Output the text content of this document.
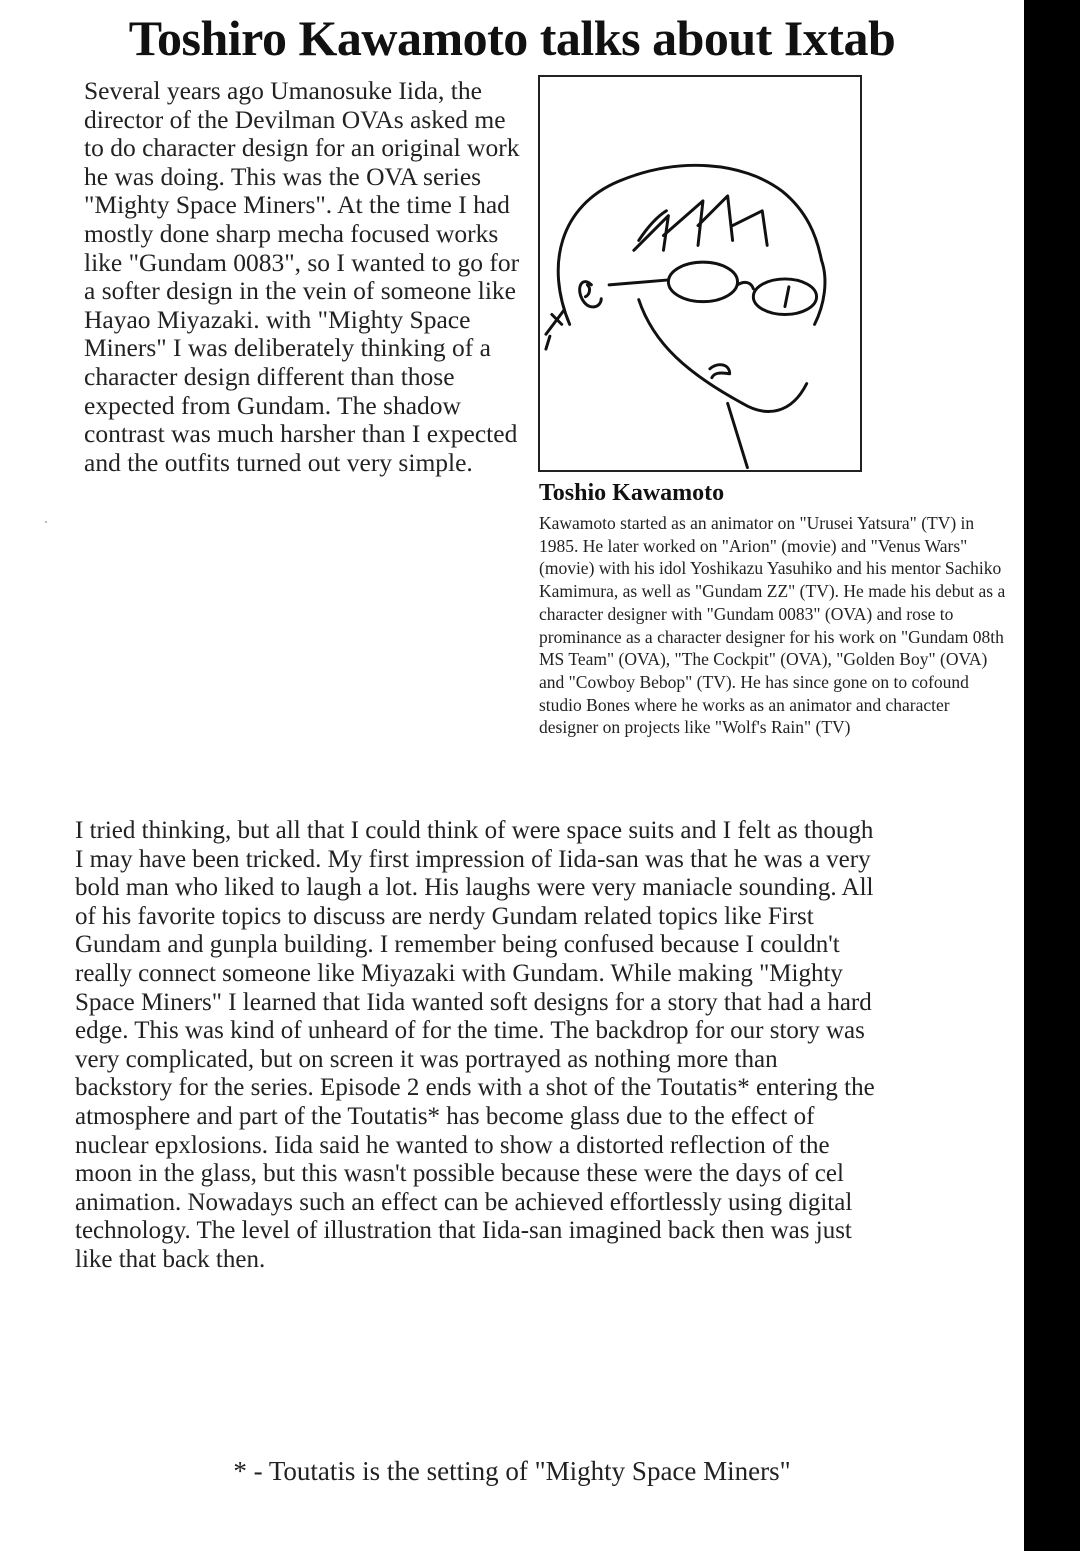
Toshiro Kawamoto talks about Ixtab
Several years ago Umanosuke Iida, the director of the Devilman OVAs asked me to do character design for an original work he was doing. This was the OVA series "Mighty Space Miners". At the time I had mostly done sharp mecha focused works like "Gundam 0083", so I wanted to go for a softer design in the vein of someone like Hayao Miyazaki. with "Mighty Space Miners" I was deliberately thinking of a character design different than those expected from Gundam. The shadow contrast was much harsher than I expected and the outfits turned out very simple.
Toshio Kawamoto
Kawamoto started as an animator on "Urusei Yatsura" (TV) in 1985. He later worked on "Arion" (movie) and "Venus Wars" (movie) with his idol Yoshikazu Yasuhiko and his mentor Sachiko Kamimura, as well as "Gundam ZZ" (TV). He made his debut as a character designer with "Gundam 0083" (OVA) and rose to prominance as a character designer for his work on "Gundam 08th MS Team" (OVA), "The Cockpit" (OVA), "Golden Boy" (OVA) and "Cowboy Bebop" (TV). He has since gone on to cofound studio Bones where he works as an animator and character designer on projects like "Wolf's Rain" (TV)
I tried thinking, but all that I could think of were space suits and I felt as though I may have been tricked. My first impression of Iida-san was that he was a very bold man who liked to laugh a lot. His laughs were very maniacle sounding. All of his favorite topics to discuss are nerdy Gundam related topics like First Gundam and gunpla building. I remember being confused because I couldn't really connect someone like Miyazaki with Gundam. While making "Mighty Space Miners" I learned that Iida wanted soft designs for a story that had a hard edge. This was kind of unheard of for the time. The backdrop for our story was very complicated, but on screen it was portrayed as nothing more than backstory for the series. Episode 2 ends with a shot of the Toutatis* entering the atmosphere and part of the Toutatis* has become glass due to the effect of nuclear epxlosions. Iida said he wanted to show a distorted reflection of the moon in the glass, but this wasn't possible because these were the days of cel animation. Nowadays such an effect can be achieved effortlessly using digital technology. The level of illustration that Iida-san imagined back then was just like that back then.
* - Toutatis is the setting of "Mighty Space Miners"
